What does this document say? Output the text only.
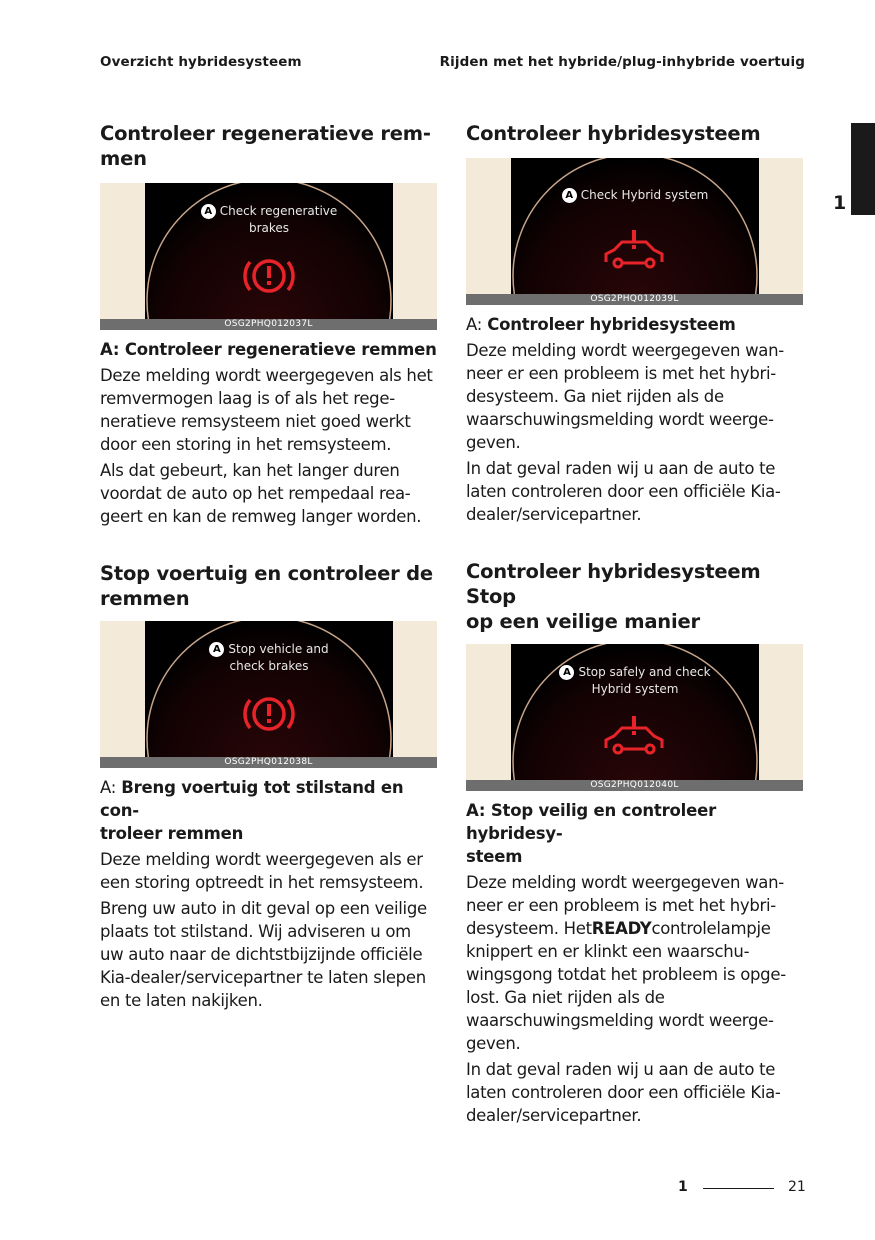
Overzicht hybridesysteem	Rijden met het hybride/plug-inhybride voertuig
1
Controleer regeneratieve rem-
men
A Check regenerative
brakes
OSG2PHQ012037L
A: Controleer regeneratieve remmen

Deze melding wordt weergegeven als het remvermogen laag is of als het rege-neratieve remsysteem niet goed werkt door een storing in het remsysteem.

Als dat gebeurt, kan het langer duren voordat de auto op het rempedaal rea-geert en kan de remweg langer worden.

Controleer hybridesysteem
A Check Hybrid system
OSG2PHQ012039L
A: Controleer hybridesysteem

Deze melding wordt weergegeven wan-neer er een probleem is met het hybri-desysteem. Ga niet rijden als de waarschuwingsmelding wordt weerge-geven.

In dat geval raden wij u aan de auto te laten controleren door een officiële Kia-dealer/servicepartner.

Stop voertuig en controleer de
remmen
A Stop vehicle and
check brakes
OSG2PHQ012038L
A: Breng voertuig tot stilstand en con-
troleer remmen

Deze melding wordt weergegeven als er een storing optreedt in het remsysteem.

Breng uw auto in dit geval op een veilige plaats tot stilstand. Wij adviseren u om uw auto naar de dichtstbijzijnde officiële Kia-dealer/servicepartner te laten slepen en te laten nakijken.

Controleer hybridesysteem Stop
op een veilige manier
A Stop safely and check
Hybrid system
OSG2PHQ012040L
A: Stop veilig en controleer hybridesy-
steem

Deze melding wordt weergegeven wan-neer er een probleem is met het hybri-desysteem. HetREADYcontrolelampje knippert en er klinkt een waarschu-wingsgong totdat het probleem is opge-lost. Ga niet rijden als de waarschuwingsmelding wordt weerge-geven.

In dat geval raden wij u aan de auto te laten controleren door een officiële Kia-dealer/servicepartner.

1	21
